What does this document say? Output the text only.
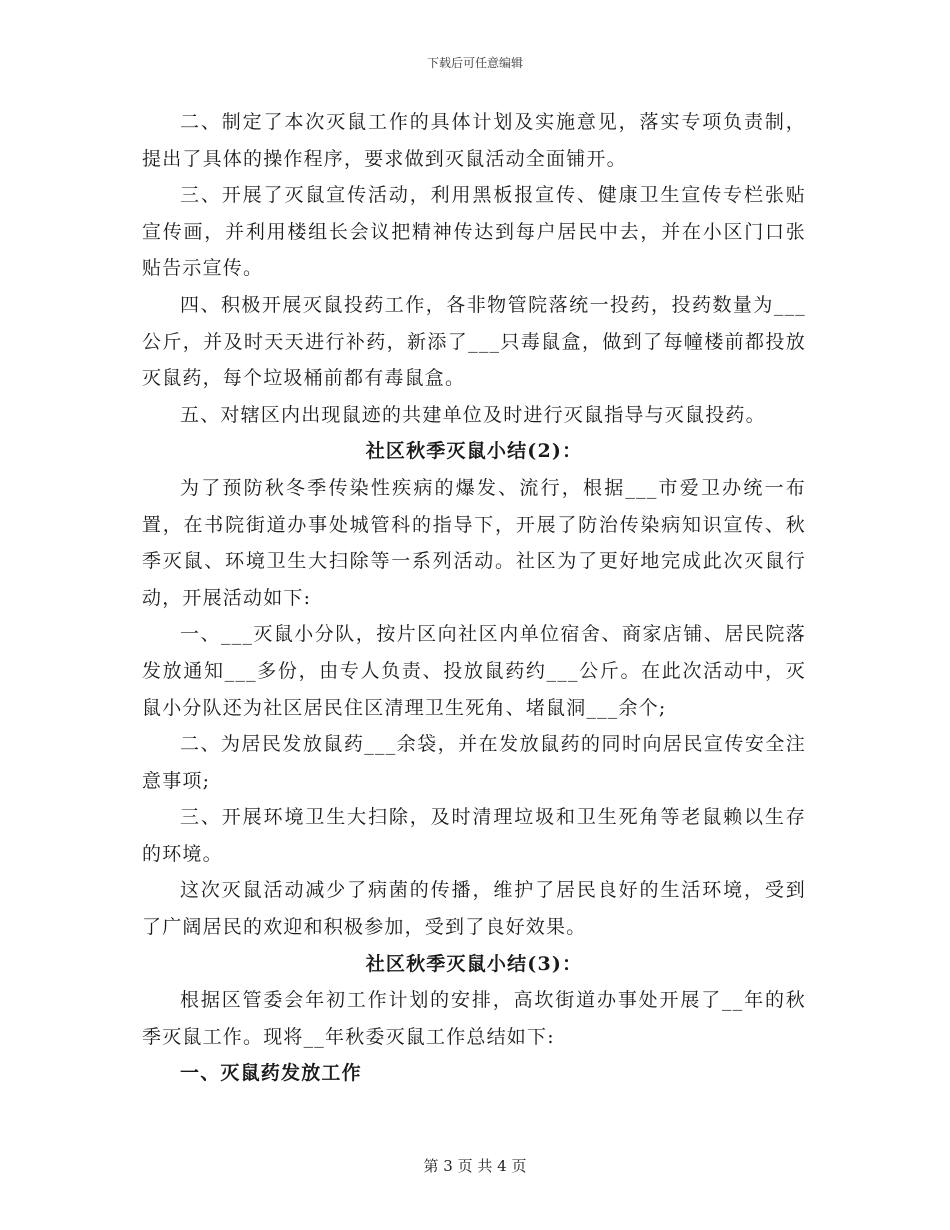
下载后可任意编辑

二、制定了本次灭鼠工作的具体计划及实施意见，落实专项负责制，提出了具体的操作程序，要求做到灭鼠活动全面铺开。

三、开展了灭鼠宣传活动，利用黑板报宣传、健康卫生宣传专栏张贴宣传画，并利用楼组长会议把精神传达到每户居民中去，并在小区门口张贴告示宣传。

四、积极开展灭鼠投药工作，各非物管院落统一投药，投药数量为___公斤，并及时天天进行补药，新添了___只毒鼠盒，做到了每幢楼前都投放灭鼠药，每个垃圾桶前都有毒鼠盒。

五、对辖区内出现鼠迹的共建单位及时进行灭鼠指导与灭鼠投药。

社区秋季灭鼠小结(2)：

为了预防秋冬季传染性疾病的爆发、流行，根据___市爱卫办统一布置，在书院街道办事处城管科的指导下，开展了防治传染病知识宣传、秋季灭鼠、环境卫生大扫除等一系列活动。社区为了更好地完成此次灭鼠行动，开展活动如下:

一、___灭鼠小分队，按片区向社区内单位宿舍、商家店铺、居民院落发放通知___多份，由专人负责、投放鼠药约___公斤。在此次活动中，灭鼠小分队还为社区居民住区清理卫生死角、堵鼠洞___余个;

二、为居民发放鼠药___余袋，并在发放鼠药的同时向居民宣传安全注意事项;

三、开展环境卫生大扫除，及时清理垃圾和卫生死角等老鼠赖以生存的环境。

这次灭鼠活动减少了病菌的传播，维护了居民良好的生活环境，受到了广阔居民的欢迎和积极参加，受到了良好效果。

社区秋季灭鼠小结(3)：

根据区管委会年初工作计划的安排，高坎街道办事处开展了__年的秋季灭鼠工作。现将__年秋委灭鼠工作总结如下:

一、灭鼠药发放工作

第 3 页 共 4 页
